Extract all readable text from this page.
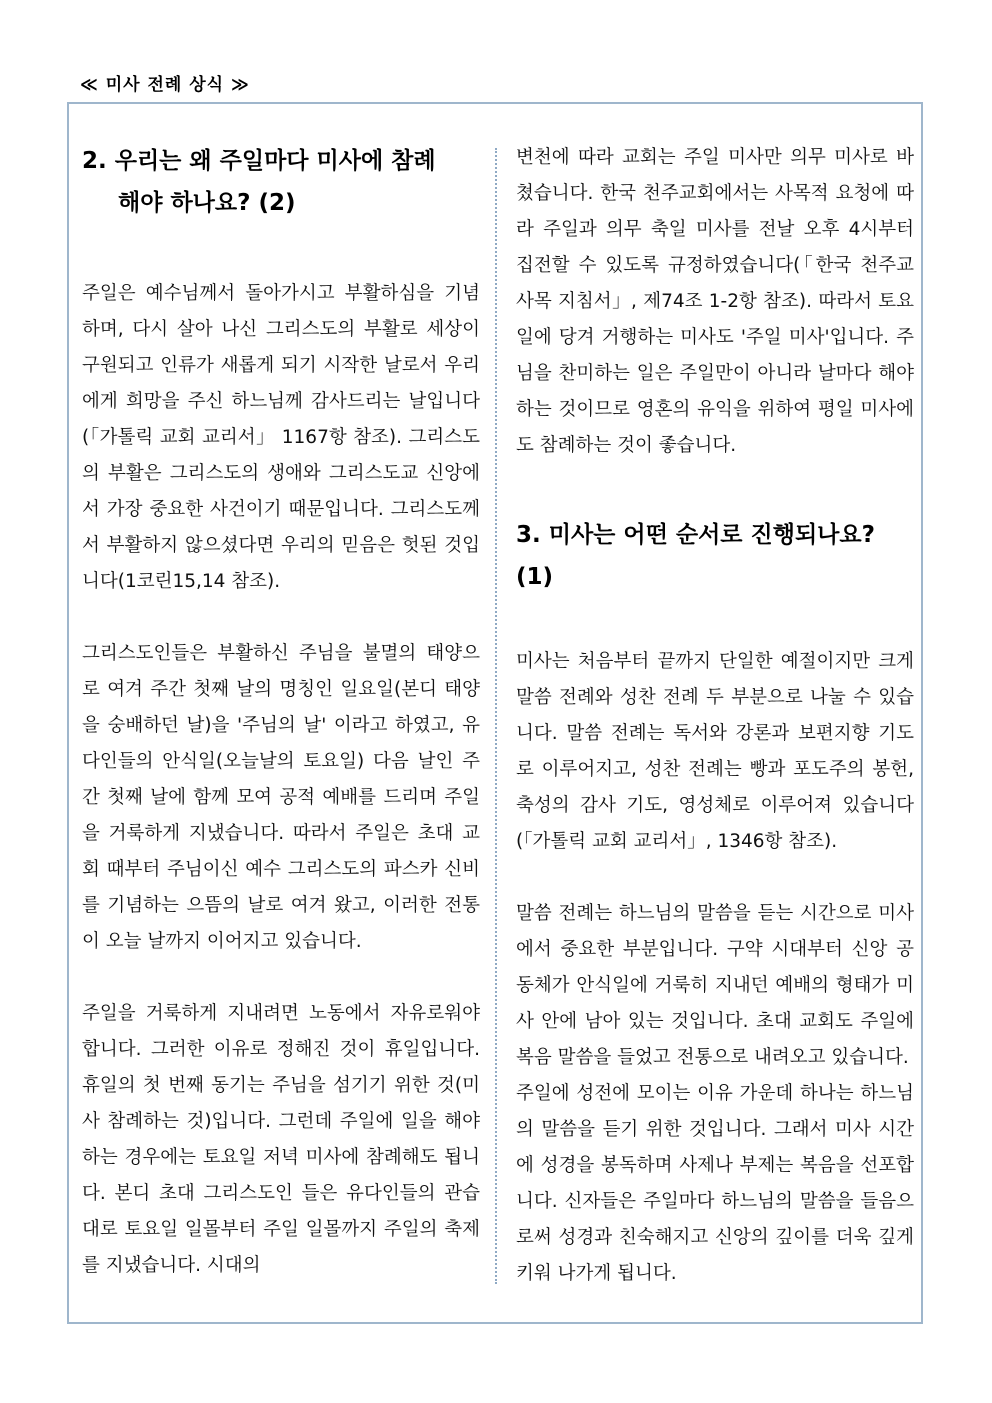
≪ 미사 전례 상식 ≫
2. 우리는 왜 주일마다 미사에 참례
해야 하나요? (2)

주일은 예수님께서 돌아가시고 부활하심을 기념하며, 다시 살아 나신 그리스도의 부활로 세상이 구원되고 인류가 새롭게 되기 시작한 날로서 우리에게 희망을 주신 하느님께 감사드리는 날입니다(「가톨릭 교회 교리서」 1167항 참조). 그리스도의 부활은 그리스도의 생애와 그리스도교 신앙에서 가장 중요한 사건이기 때문입니다. 그리스도께서 부활하지 않으셨다면 우리의 믿음은 헛된 것입니다(1코린15,14 참조).

그리스도인들은 부활하신 주님을 불멸의 태양으로 여겨 주간 첫째 날의 명칭인 일요일(본디 태양을 숭배하던 날)을 '주님의 날' 이라고 하였고, 유다인들의 안식일(오늘날의 토요일) 다음 날인 주간 첫째 날에 함께 모여 공적 예배를 드리며 주일을 거룩하게 지냈습니다. 따라서 주일은 초대 교회 때부터 주님이신 예수 그리스도의 파스카 신비를 기념하는 으뜸의 날로 여겨 왔고, 이러한 전통이 오늘 날까지 이어지고 있습니다.

주일을 거룩하게 지내려면 노동에서 자유로워야 합니다. 그러한 이유로 정해진 것이 휴일입니다. 휴일의 첫 번째 동기는 주님을 섬기기 위한 것(미사 참례하는 것)입니다. 그런데 주일에 일을 해야 하는 경우에는 토요일 저녁 미사에 참례해도 됩니다. 본디 초대 그리스도인 들은 유다인들의 관습대로 토요일 일몰부터 주일 일몰까지 주일의 축제를 지냈습니다. 시대의

변천에 따라 교회는 주일 미사만 의무 미사로 바쳤습니다. 한국 천주교회에서는 사목적 요청에 따라 주일과 의무 축일 미사를 전날 오후 4시부터 집전할 수 있도록 규정하였습니다(「한국 천주교 사목 지침서」, 제74조 1-2항 참조). 따라서 토요일에 당겨 거행하는 미사도 '주일 미사'입니다. 주님을 찬미하는 일은 주일만이 아니라 날마다 해야 하는 것이므로 영혼의 유익을 위하여 평일 미사에도 참례하는 것이 좋습니다.

3. 미사는 어떤 순서로 진행되나요? (1)

미사는 처음부터 끝까지 단일한 예절이지만 크게 말씀 전례와 성찬 전례 두 부분으로 나눌 수 있습니다. 말씀 전례는 독서와 강론과 보편지향 기도로 이루어지고, 성찬 전례는 빵과 포도주의 봉헌, 축성의 감사 기도, 영성체로 이루어져 있습니다(「가톨릭 교회 교리서」, 1346항 참조).

말씀 전례는 하느님의 말씀을 듣는 시간으로 미사에서 중요한 부분입니다. 구약 시대부터 신앙 공동체가 안식일에 거룩히 지내던 예배의 형태가 미사 안에 남아 있는 것입니다. 초대 교회도 주일에 복음 말씀을 들었고 전통으로 내려오고 있습니다.

주일에 성전에 모이는 이유 가운데 하나는 하느님의 말씀을 듣기 위한 것입니다. 그래서 미사 시간에 성경을 봉독하며 사제나 부제는 복음을 선포합니다. 신자들은 주일마다 하느님의 말씀을 들음으로써 성경과 친숙해지고 신앙의 깊이를 더욱 깊게 키워 나가게 됩니다.
